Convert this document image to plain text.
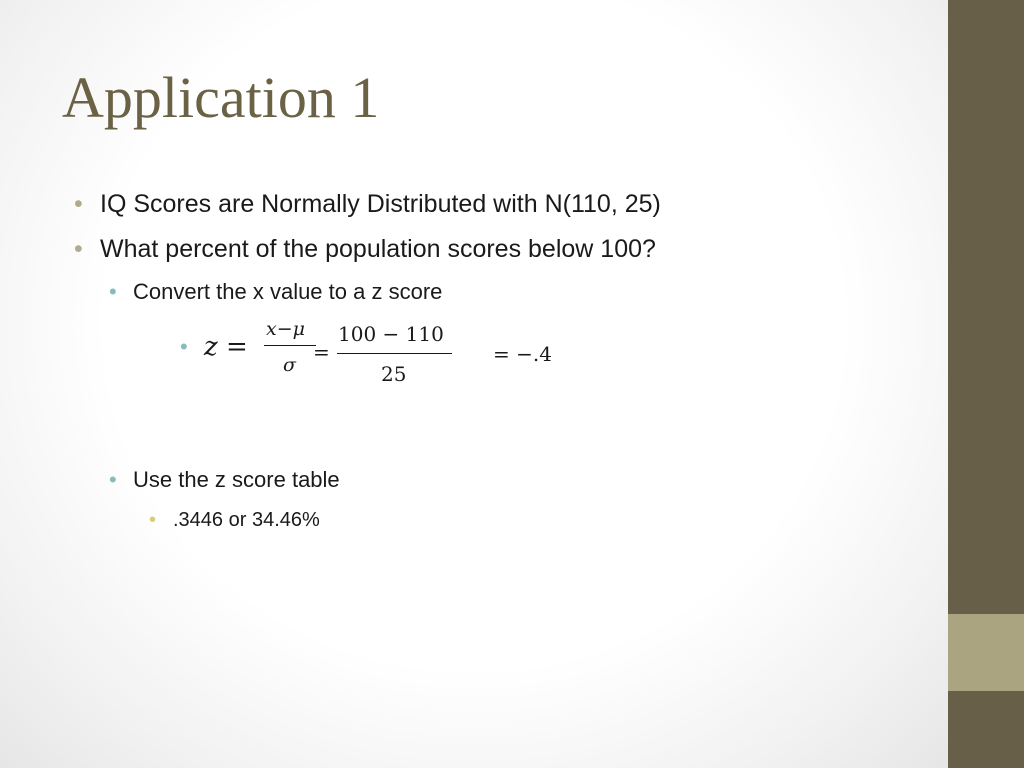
Application 1
• IQ Scores are Normally Distributed with N(110, 25)
• What percent of the population scores below 100?
• Convert the x value to a z score
• z =
x−μ
σ
=
100 − 110
25
= −.4
• Use the z score table
• .3446 or 34.46%
